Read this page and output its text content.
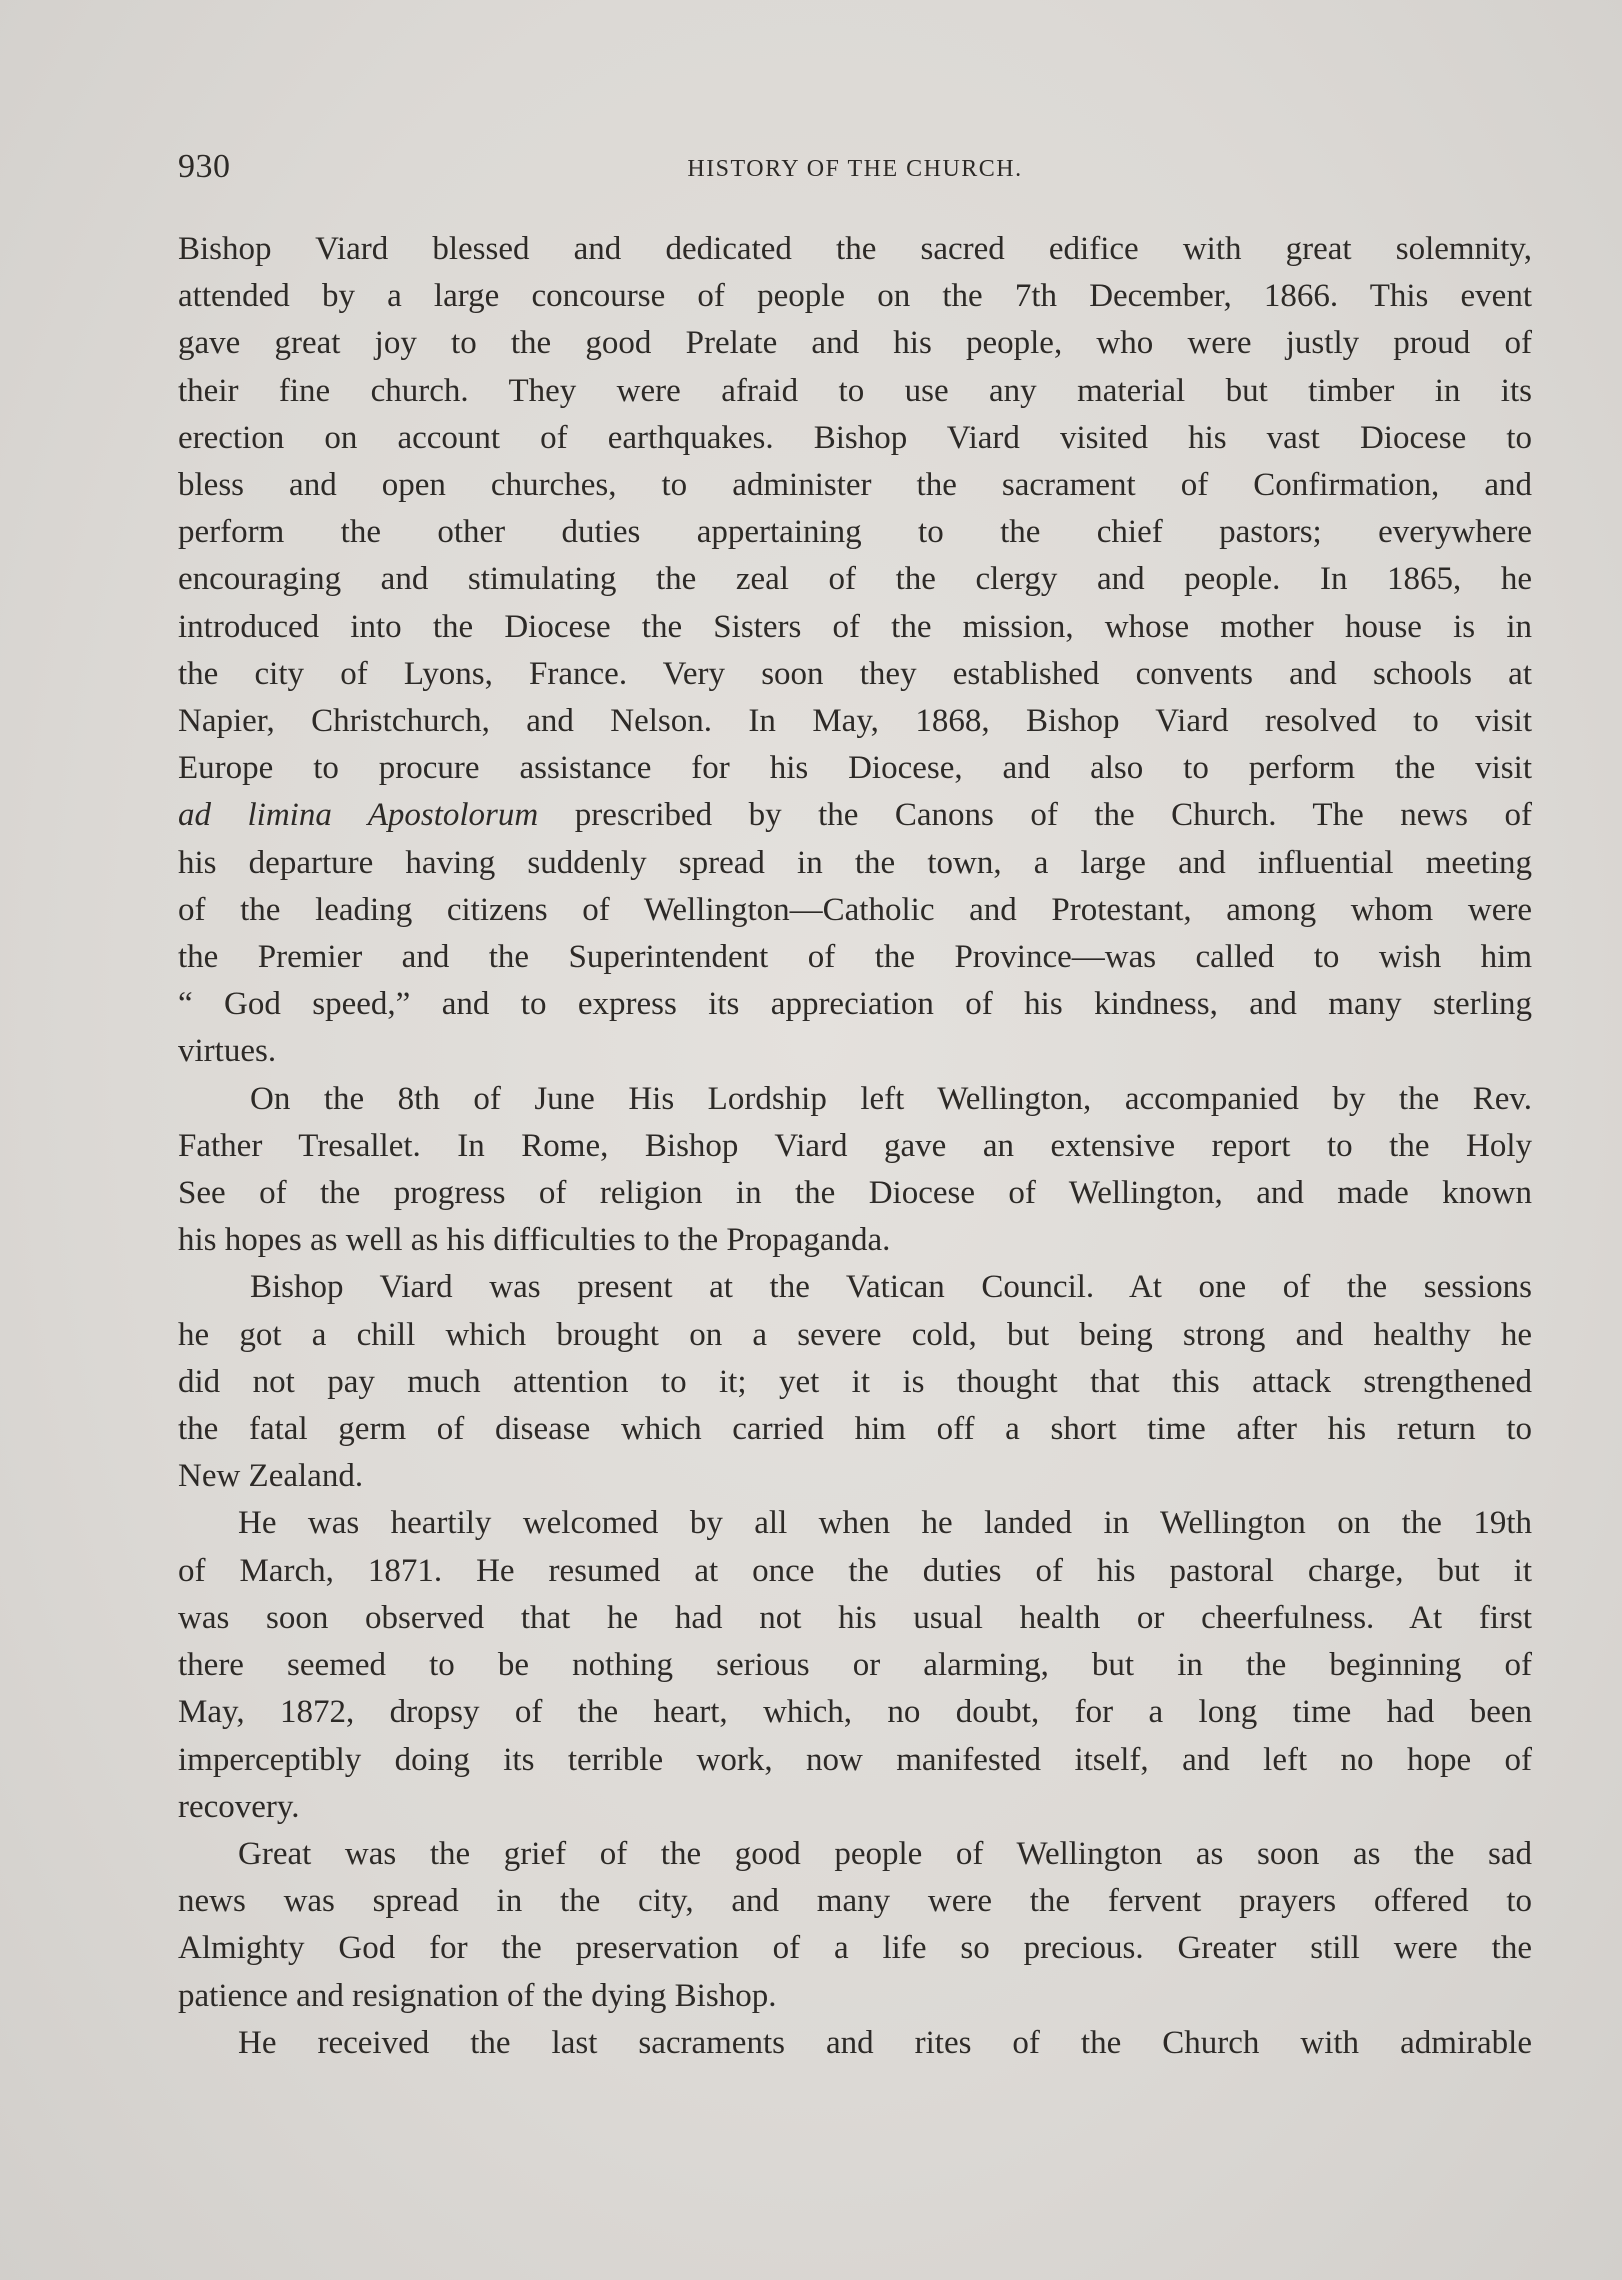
930	HISTORY OF THE CHURCH.
Bishop Viard blessed and dedicated the sacred edifice with great solemnity,
attended by a large concourse of people on the 7th December, 1866. This event
gave great joy to the good Prelate and his people, who were justly proud of
their fine church. They were afraid to use any material but timber in its
erection on account of earthquakes. Bishop Viard visited his vast Diocese to
bless and open churches, to administer the sacrament of Confirmation, and
perform the other duties appertaining to the chief pastors; everywhere
encouraging and stimulating the zeal of the clergy and people. In 1865, he
introduced into the Diocese the Sisters of the mission, whose mother house is in
the city of Lyons, France. Very soon they established convents and schools at
Napier, Christchurch, and Nelson. In May, 1868, Bishop Viard resolved to visit
Europe to procure assistance for his Diocese, and also to perform the visit
ad limina Apostolorum prescribed by the Canons of the Church. The news of
his departure having suddenly spread in the town, a large and influential meeting
of the leading citizens of Wellington—Catholic and Protestant, among whom were
the Premier and the Superintendent of the Province—was called to wish him
“ God speed,” and to express its appreciation of his kindness, and many sterling
virtues.
On the 8th of June His Lordship left Wellington, accompanied by the Rev.
Father Tresallet. In Rome, Bishop Viard gave an extensive report to the Holy
See of the progress of religion in the Diocese of Wellington, and made known
his hopes as well as his difficulties to the Propaganda.
Bishop Viard was present at the Vatican Council. At one of the sessions
he got a chill which brought on a severe cold, but being strong and healthy he
did not pay much attention to it; yet it is thought that this attack strengthened
the fatal germ of disease which carried him off a short time after his return to
New Zealand.
He was heartily welcomed by all when he landed in Wellington on the 19th
of March, 1871. He resumed at once the duties of his pastoral charge, but it
was soon observed that he had not his usual health or cheerfulness. At first
there seemed to be nothing serious or alarming, but in the beginning of
May, 1872, dropsy of the heart, which, no doubt, for a long time had been
imperceptibly doing its terrible work, now manifested itself, and left no hope of
recovery.
Great was the grief of the good people of Wellington as soon as the sad
news was spread in the city, and many were the fervent prayers offered to
Almighty God for the preservation of a life so precious. Greater still were the
patience and resignation of the dying Bishop.
He received the last sacraments and rites of the Church with admirable
